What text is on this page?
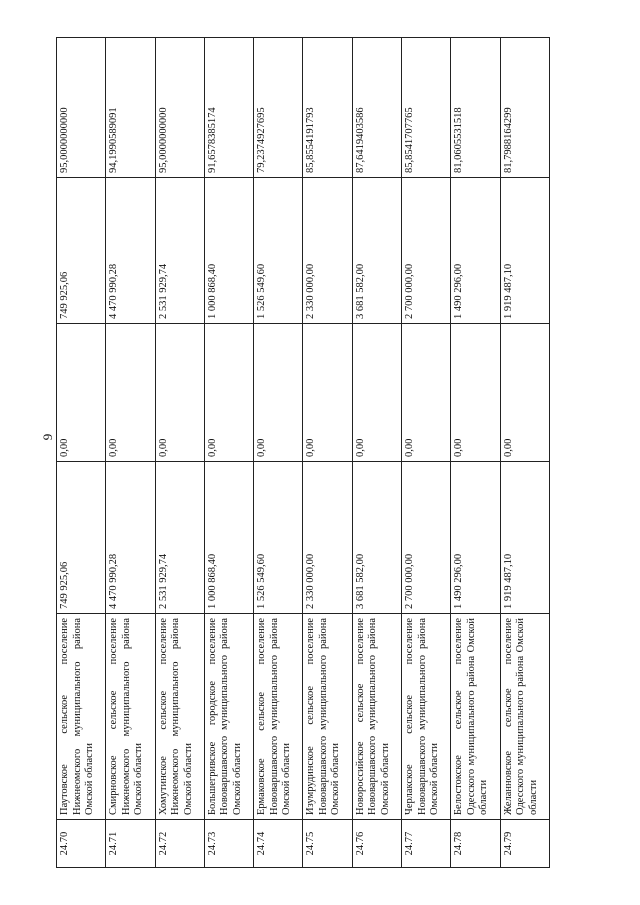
9
24.70	Паутовское сельское поселение Нижнеомского муниципального района Омской области	749 925,06	0,00	749 925,06	95,0000000000
24.71	Смирновское сельское поселение Нижнеомского муниципального района Омской области	4 470 990,28	0,00	4 470 990,28	94,1990589091
24.72	Хомутинское сельское поселение Нижнеомского муниципального района Омской области	2 531 929,74	0,00	2 531 929,74	95,0000000000
24.73	Большегривское городское поселение Нововаршавского муниципального района Омской области	1 000 868,40	0,00	1 000 868,40	91,6578385174
24.74	Ермаковское сельское поселение Нововаршавского муниципального района Омской области	1 526 549,60	0,00	1 526 549,60	79,2374927695
24.75	Изумрудинское сельское поселение Нововаршавского муниципального района Омской области	2 330 000,00	0,00	2 330 000,00	85,8554191793
24.76	Новороссийское сельское поселение Нововаршавского муниципального района Омской области	3 681 582,00	0,00	3 681 582,00	87,6419403586
24.77	Черлакское сельское поселение Нововаршавского муниципального района Омской области	2 700 000,00	0,00	2 700 000,00	85,8541707765
24.78	Белостокское сельское поселение Одесского муниципального района Омской области	1 490 296,00	0,00	1 490 296,00	81,0605531518
24.79	Желанновское сельское поселение Одесского муниципального района Омской области	1 919 487,10	0,00	1 919 487,10	81,7988164299
